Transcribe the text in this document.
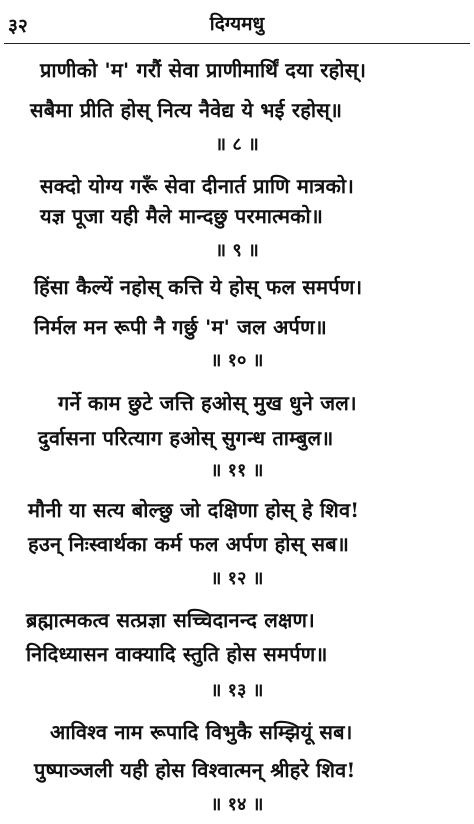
३२	दिग्यमधु
प्राणीको 'म' गरौं सेवा प्राणीमार्थिं दया रहोस्।
सबैमा प्रीति होस् नित्य नैवेद्य ये भई रहोस्॥
॥ ८ ॥
सक्दो योग्य गरूँ सेवा दीनार्त प्राणि मात्रको।
यज्ञ पूजा यही मैले मान्दछु परमात्मको॥
॥ ९ ॥
हिंसा कैल्यें नहोस् कत्ति ये होस् फल समर्पण।
निर्मल मन रूपी नै गर्छु 'म' जल अर्पण॥
॥ १० ॥
गर्ने काम छुटे जत्ति हओस् मुख धुने जल।
दुर्वासना परित्याग हओस् सुगन्ध ताम्बुल॥
॥ ११ ॥
मौनी या सत्य बोल्छु जो दक्षिणा होस् हे शिव!
हउन् निःस्वार्थका कर्म फल अर्पण होस् सब॥
॥ १२ ॥
ब्रह्मात्मकत्व सत्प्रज्ञा सच्चिदानन्द लक्षण।
निदिध्यासन वाक्यादि स्तुति होस समर्पण॥
॥ १३ ॥
आविश्व नाम रूपादि विभुकै सम्झियूं सब।
पुष्पाञ्जली यही होस विश्वात्मन् श्रीहरे शिव!
॥ १४ ॥
